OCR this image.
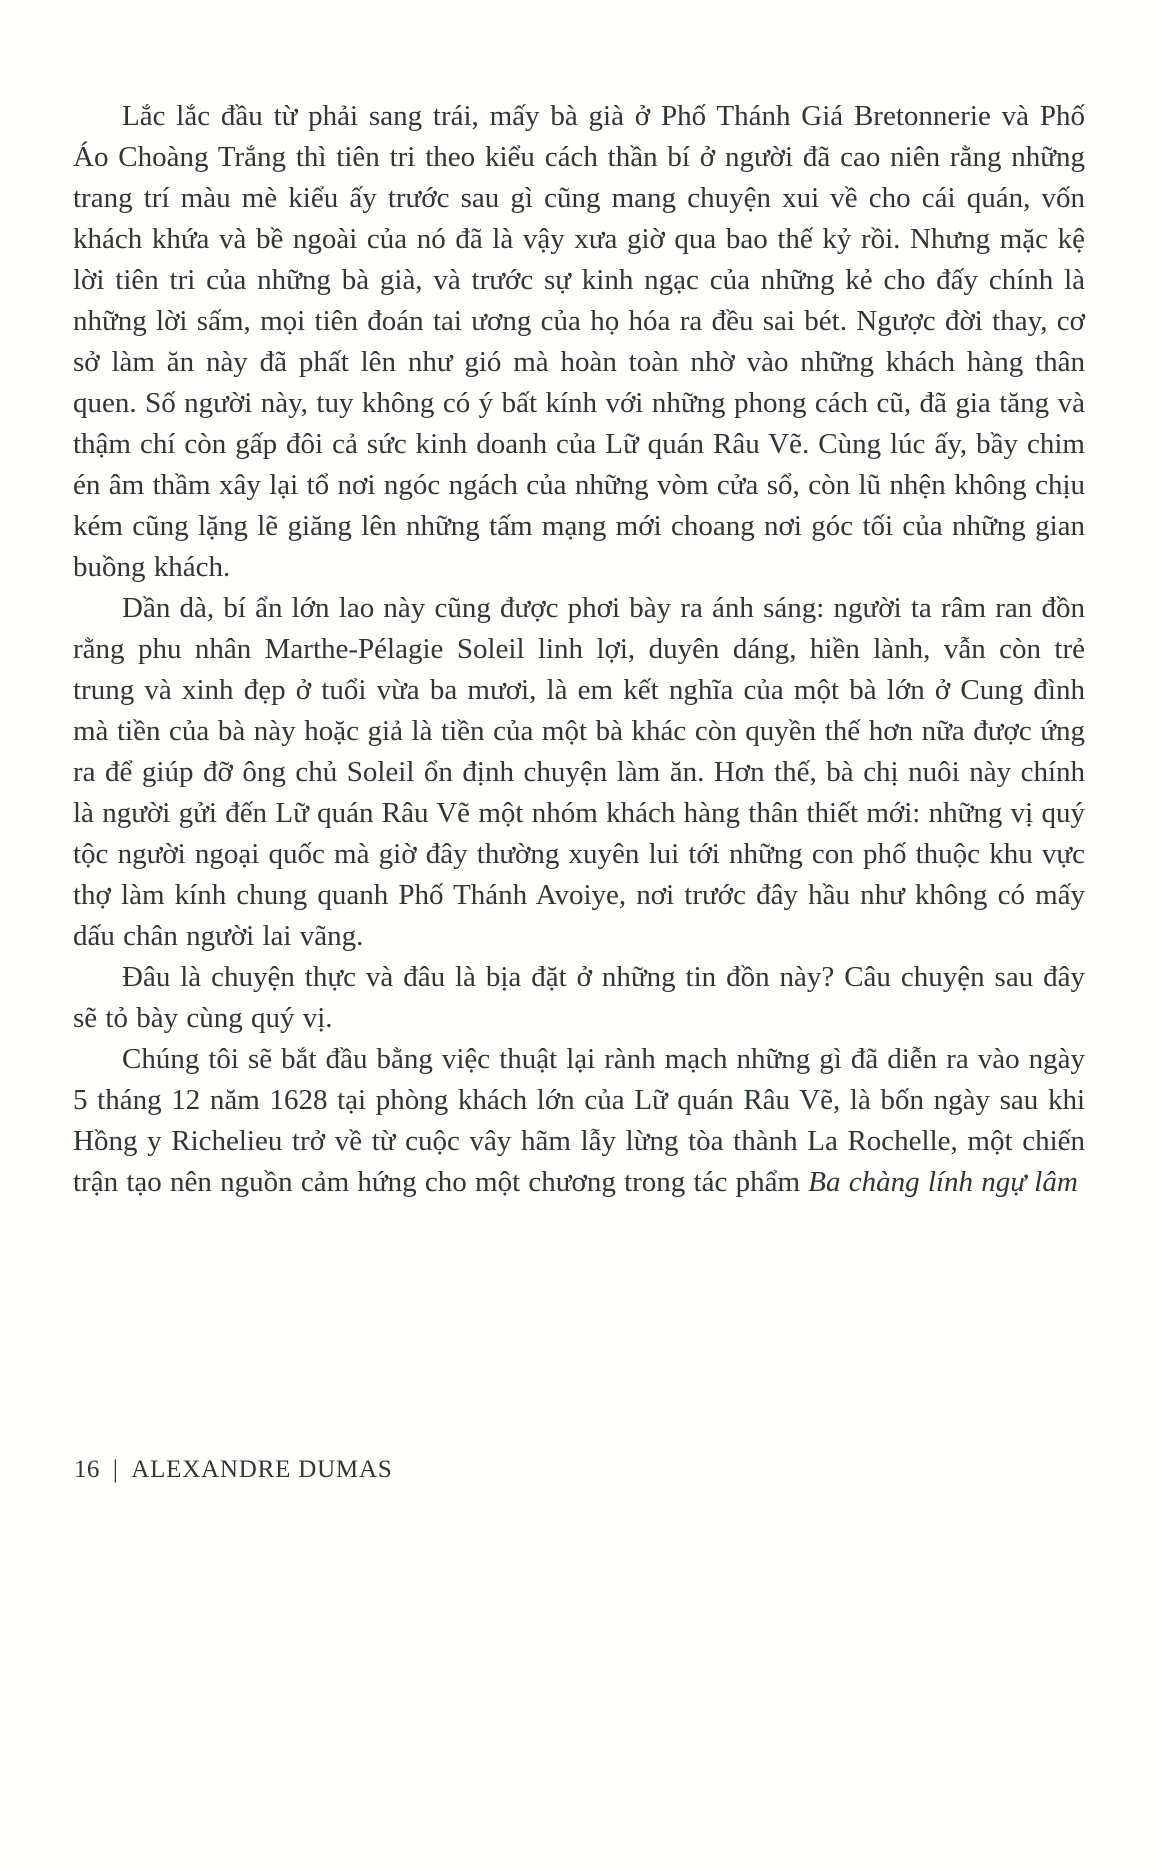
Lắc lắc đầu từ phải sang trái, mấy bà già ở Phố Thánh Giá Bretonnerie và Phố Áo Choàng Trắng thì tiên tri theo kiểu cách thần bí ở người đã cao niên rằng những trang trí màu mè kiểu ấy trước sau gì cũng mang chuyện xui về cho cái quán, vốn khách khứa và bề ngoài của nó đã là vậy xưa giờ qua bao thế kỷ rồi. Nhưng mặc kệ lời tiên tri của những bà già, và trước sự kinh ngạc của những kẻ cho đấy chính là những lời sấm, mọi tiên đoán tai ương của họ hóa ra đều sai bét. Ngược đời thay, cơ sở làm ăn này đã phất lên như gió mà hoàn toàn nhờ vào những khách hàng thân quen. Số người này, tuy không có ý bất kính với những phong cách cũ, đã gia tăng và thậm chí còn gấp đôi cả sức kinh doanh của Lữ quán Râu Vẽ. Cùng lúc ấy, bầy chim én âm thầm xây lại tổ nơi ngóc ngách của những vòm cửa sổ, còn lũ nhện không chịu kém cũng lặng lẽ giăng lên những tấm mạng mới choang nơi góc tối của những gian buồng khách.

Dần dà, bí ẩn lớn lao này cũng được phơi bày ra ánh sáng: người ta râm ran đồn rằng phu nhân Marthe-Pélagie Soleil linh lợi, duyên dáng, hiền lành, vẫn còn trẻ trung và xinh đẹp ở tuổi vừa ba mươi, là em kết nghĩa của một bà lớn ở Cung đình mà tiền của bà này hoặc giả là tiền của một bà khác còn quyền thế hơn nữa được ứng ra để giúp đỡ ông chủ Soleil ổn định chuyện làm ăn. Hơn thế, bà chị nuôi này chính là người gửi đến Lữ quán Râu Vẽ một nhóm khách hàng thân thiết mới: những vị quý tộc người ngoại quốc mà giờ đây thường xuyên lui tới những con phố thuộc khu vực thợ làm kính chung quanh Phố Thánh Avoiye, nơi trước đây hầu như không có mấy dấu chân người lai vãng.

Đâu là chuyện thực và đâu là bịa đặt ở những tin đồn này? Câu chuyện sau đây sẽ tỏ bày cùng quý vị.

Chúng tôi sẽ bắt đầu bằng việc thuật lại rành mạch những gì đã diễn ra vào ngày 5 tháng 12 năm 1628 tại phòng khách lớn của Lữ quán Râu Vẽ, là bốn ngày sau khi Hồng y Richelieu trở về từ cuộc vây hãm lẫy lừng tòa thành La Rochelle, một chiến trận tạo nên nguồn cảm hứng cho một chương trong tác phẩm Ba chàng lính ngự lâm

16 | ALEXANDRE DUMAS
